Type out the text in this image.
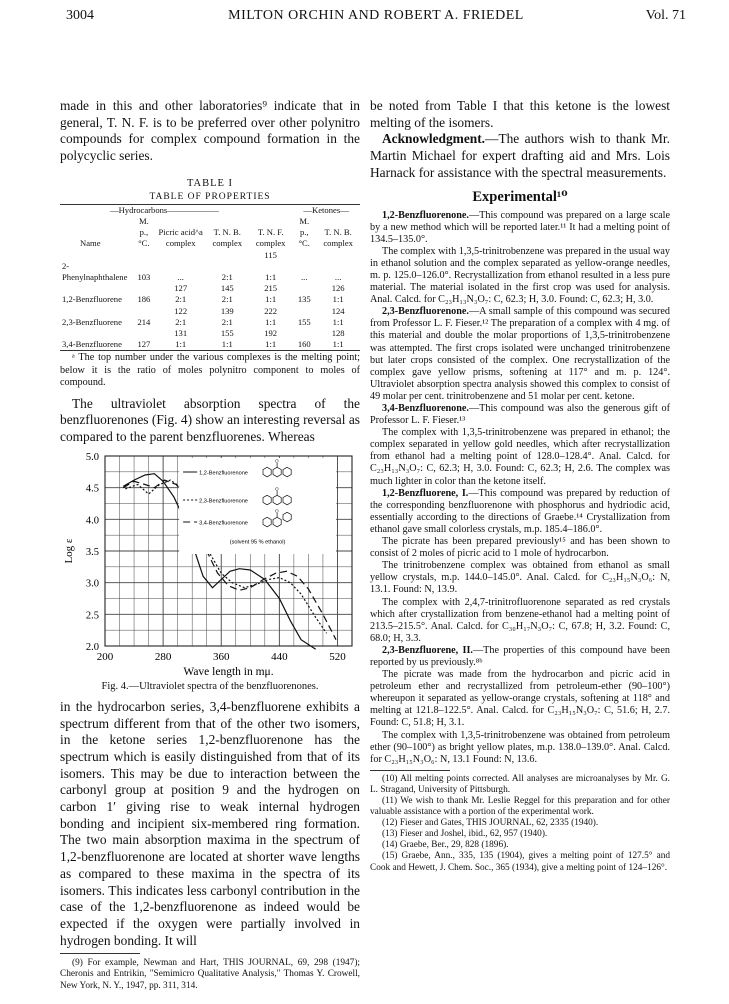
3004	MILTON ORCHIN AND ROBERT A. FRIEDEL	Vol. 71

made in this and other laboratories⁹ indicate that in general, T. N. F. is to be preferred over other polynitro compounds for complex compound formation in the polycyclic series.

TABLE I
TABLE OF PROPERTIES
—Hydrocarbons——————					—Ketones—	
Name	M. p., °C.	Picric acid^a complex	T. N. B. complex	T. N. F. complex	M. p., °C.	T. N. B. complex
				115		
2-Phenylnaphthalene	103	...	2:1	1:1	...	...
		127	145	215		126
1,2-Benzfluorene	186	2:1	2:1	1:1	135	1:1
		122	139	222		124
2,3-Benzfluorene	214	2:1	2:1	1:1	155	1:1
		131	155	192		128
3,4-Benzfluorene	127	1:1	1:1	1:1	160	1:1

ᵃ The top number under the various complexes is the melting point; below it is the ratio of moles polynitro component to moles of compound.

The ultraviolet absorption spectra of the benzfluorenones (Fig. 4) show an interesting reversal as compared to the parent benzfluorenes. Whereas

5.0
4.5
4.0
3.5
3.0
2.5
2.0
200	280	360	440	520
Log ε
Wave length in mμ.
1,2-Benzfluorenone
O
2,3-Benzfluorenone
O
3,4-Benzfluorenone
O
(solvent 95 % ethanol)
Fig. 4.—Ultraviolet spectra of the benzfluorenones.

in the hydrocarbon series, 3,4-benzfluorene exhibits a spectrum different from that of the other two isomers, in the ketone series 1,2-benzfluorenone has the spectrum which is easily distinguished from that of its isomers. This may be due to interaction between the carbonyl group at position 9 and the hydrogen on carbon 1′ giving rise to weak internal hydrogen bonding and incipient six-membered ring formation. The two main absorption maxima in the spectrum of 1,2-benzfluorenone are located at shorter wave lengths as compared to these maxima in the spectra of its isomers. This indicates less carbonyl contribution in the case of the 1,2-benzfluorenone as indeed would be expected if the oxygen were partially involved in hydrogen bonding. It will

(9) For example, Newman and Hart, THIS JOURNAL, 69, 298 (1947); Cheronis and Entrikin, "Semimicro Qualitative Analysis," Thomas Y. Crowell, New York, N. Y., 1947, pp. 311, 314.

be noted from Table I that this ketone is the lowest melting of the isomers.

Acknowledgment.—The authors wish to thank Mr. Martin Michael for expert drafting aid and Mrs. Lois Harnack for assistance with the spectral measurements.

Experimental¹⁰

1,2-Benzfluorenone.—This compound was prepared on a large scale by a new method which will be reported later.¹¹ It had a melting point of 134.5–135.0°.

The complex with 1,3,5-trinitrobenzene was prepared in the usual way in ethanol solution and the complex separated as yellow-orange needles, m. p. 125.0–126.0°. Recrystallization from ethanol resulted in a less pure material. The material isolated in the first crop was used for analysis. Anal. Calcd. for C₂₃H₁₃N₃O₇: C, 62.3; H, 3.0. Found: C, 62.3; H, 3.0.

2,3-Benzfluorenone.—A small sample of this compound was secured from Professor L. F. Fieser.¹² The preparation of a complex with 4 mg. of this material and double the molar proportions of 1,3,5-trinitrobenzene was attempted. The first crops isolated were unchanged trinitrobenzene but later crops consisted of the complex. One recrystallization of the complex gave yellow prisms, softening at 117° and m. p. 124°. Ultraviolet absorption spectra analysis showed this complex to consist of 49 molar per cent. trinitrobenzene and 51 molar per cent. ketone.

3,4-Benzfluorenone.—This compound was also the generous gift of Professor L. F. Fieser.¹³

The complex with 1,3,5-trinitrobenzene was prepared in ethanol; the complex separated in yellow gold needles, which after recrystallization from ethanol had a melting point of 128.0–128.4°. Anal. Calcd. for C₂₃H₁₃N₃O₇: C, 62.3; H, 3.0. Found: C, 62.3; H, 2.6. The complex was much lighter in color than the ketone itself.

1,2-Benzfluorene, I.—This compound was prepared by reduction of the corresponding benzfluorenone with phosphorus and hydriodic acid, essentially according to the directions of Graebe.¹⁴ Crystallization from ethanol gave small colorless crystals, m.p. 185.4–186.0°.

The picrate has been prepared previously¹⁵ and has been shown to consist of 2 moles of picric acid to 1 mole of hydrocarbon.

The trinitrobenzene complex was obtained from ethanol as small yellow crystals, m.p. 144.0–145.0°. Anal. Calcd. for C₂₃H₁₅N₃O₆: N, 13.1. Found: N, 13.9.

The complex with 2,4,7-trinitrofluorenone separated as red crystals which after crystallization from benzene-ethanol had a melting point of 213.5–215.5°. Anal. Calcd. for C₃₀H₁₇N₃O₇: C, 67.8; H, 3.2. Found: C, 68.0; H, 3.3.

2,3-Benzfluorene, II.—The properties of this compound have been reported by us previously.⁸ᵇ

The picrate was made from the hydrocarbon and picric acid in petroleum ether and recrystallized from petroleum-ether (90–100°) whereupon it separated as yellow-orange crystals, softening at 118° and melting at 121.8–122.5°. Anal. Calcd. for C₂₃H₁₅N₃O₇: C, 51.6; H, 2.7. Found: C, 51.8; H, 3.1.

The complex with 1,3,5-trinitrobenzene was obtained from petroleum ether (90–100°) as bright yellow plates, m.p. 138.0–139.0°. Anal. Calcd. for C₂₃H₁₅N₃O₆: N, 13.1 Found: N, 13.6.

(10) All melting points corrected. All analyses are microanalyses by Mr. G. L. Stragand, University of Pittsburgh.

(11) We wish to thank Mr. Leslie Reggel for this preparation and for other valuable assistance with a portion of the experimental work.

(12) Fieser and Gates, THIS JOURNAL, 62, 2335 (1940).

(13) Fieser and Joshel, ibid., 62, 957 (1940).

(14) Graebe, Ber., 29, 828 (1896).

(15) Graebe, Ann., 335, 135 (1904), gives a melting point of 127.5° and Cook and Hewett, J. Chem. Soc., 365 (1934), give a melting point of 124–126°.
